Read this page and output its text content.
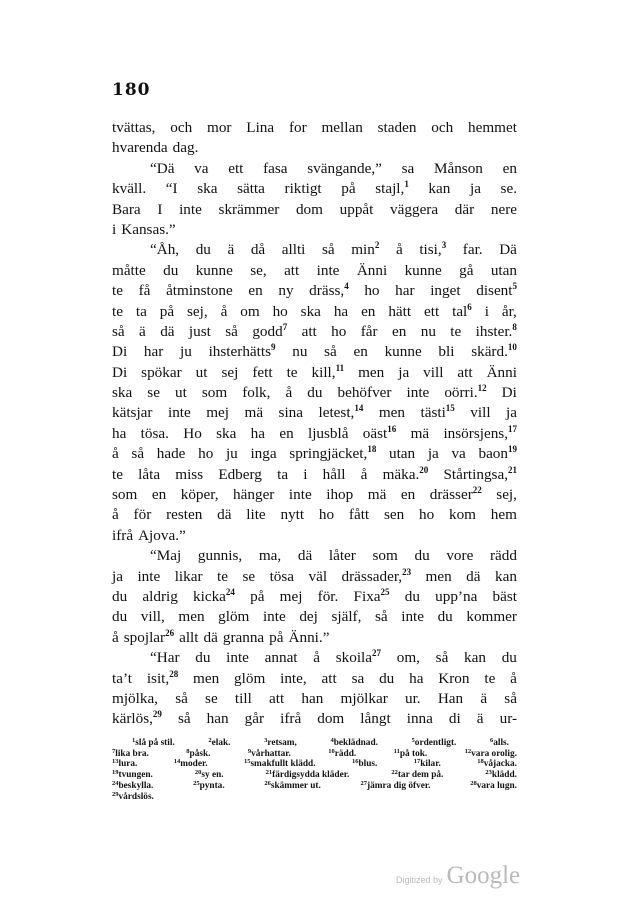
180
tvättas, och mor Lina for mellan staden och hemmet
hvarenda dag.
“Dä va ett fasa svängande,” sa Månson en
kväll. “I ska sätta riktigt på stajl,$^1$ kan ja se.
Bara I inte skrämmer dom uppåt väggera där nere
i Kansas.”
“Åh, du ä då allti så $\min^2$ å tisi,$^3$ far. Dä
måtte du kunne se, att inte Änni kunne gå utan
te få åtminstone en ny dräss,$^4$ ho har inget disent$^5$
te ta på sej, å om ho ska ha en hätt ett tal$^6$ i år,
så ä dä just så godd$^7$ att ho får en nu te ihster.$^8$
Di har ju ihsterhätts$^9$ nu så en kunne bli skärd.$^{10}$
Di spökar ut sej fett te kill,$^{11}$ men ja vill att Änni
ska se ut som folk, å du behöfver inte oörri.$^{12}$ Di
kätsjar inte mej mä sina letest,$^{14}$ men tästi$^{15}$ vill ja
ha tösa. Ho ska ha en ljusblå oäst$^{16}$ mä insörsjens,$^{17}$
å så hade ho ju inga springjäcket,$^{18}$ utan ja va baon$^{19}$
te låta miss Edberg ta i håll å mäka.$^{20}$ Stårtingsa,$^{21}$
som en köper, hänger inte ihop mä en drässer$^{22}$ sej,
å för resten dä lite nytt ho fått sen ho kom hem
ifrå Ajova.”
“Maj gunnis, ma, dä låter som du vore rädd
ja inte likar te se tösa väl drässader,$^{23}$ men dä kan
du aldrig kicka$^{24}$ på mej för. Fixa$^{25}$ du upp’na bäst
du vill, men glöm inte dej själf, så inte du kommer
å spojlar$^{26}$ allt dä granna på Änni.”
“Har du inte annat å skoila$^{27}$ om, så kan du
ta’t isit,$^{28}$ men glöm inte, att sa du ha Kron te å
mjölka, så se till att han mjölkar ur. Han ä så
kärlös,$^{29}$ så han går ifrå dom långt inna di ä ur-
$^1$slå på stil.	$^2$elak.	$^3$retsam,	$^4$beklädnad.	$^5$ordentligt.	$^6$alls.
$^7$lika bra.	$^8$påsk.	$^9$vårhattar.	$^{10}$rädd.	$^{11}$på tok.	$^{12}$vara orolig.
$^{13}$lura.	$^{14}$moder.	$^{15}$smakfullt klädd.	$^{16}$blus.	$^{17}$kilar.	$^{18}$våjacka.
$^{19}$tvungen.	$^{20}$sy en.	$^{21}$färdigsydda kläder.	$^{22}$tar dem på.	$^{23}$klädd.
$^{24}$beskylla.	$^{25}$pynta.	$^{26}$skämmer ut.	$^{27}$jämra dig öfver.	$^{28}$vara lugn.
$^{29}$vårdslös.
Digitized by Google
